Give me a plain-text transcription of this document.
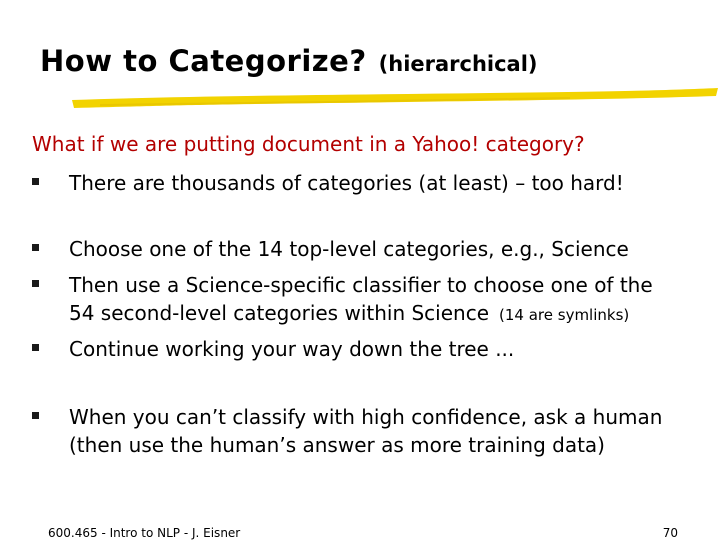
How to Categorize? (hierarchical)
What if we are putting document in a Yahoo! category?
There are thousands of categories (at least) – too hard!
Choose one of the 14 top-level categories, e.g., Science
Then use a Science-specific classifier to choose one of the
54 second-level categories within Science (14 are symlinks)
Continue working your way down the tree ...
When you can’t classify with high confidence, ask a human
(then use the human’s answer as more training data)
600.465 - Intro to NLP - J. Eisner	70
